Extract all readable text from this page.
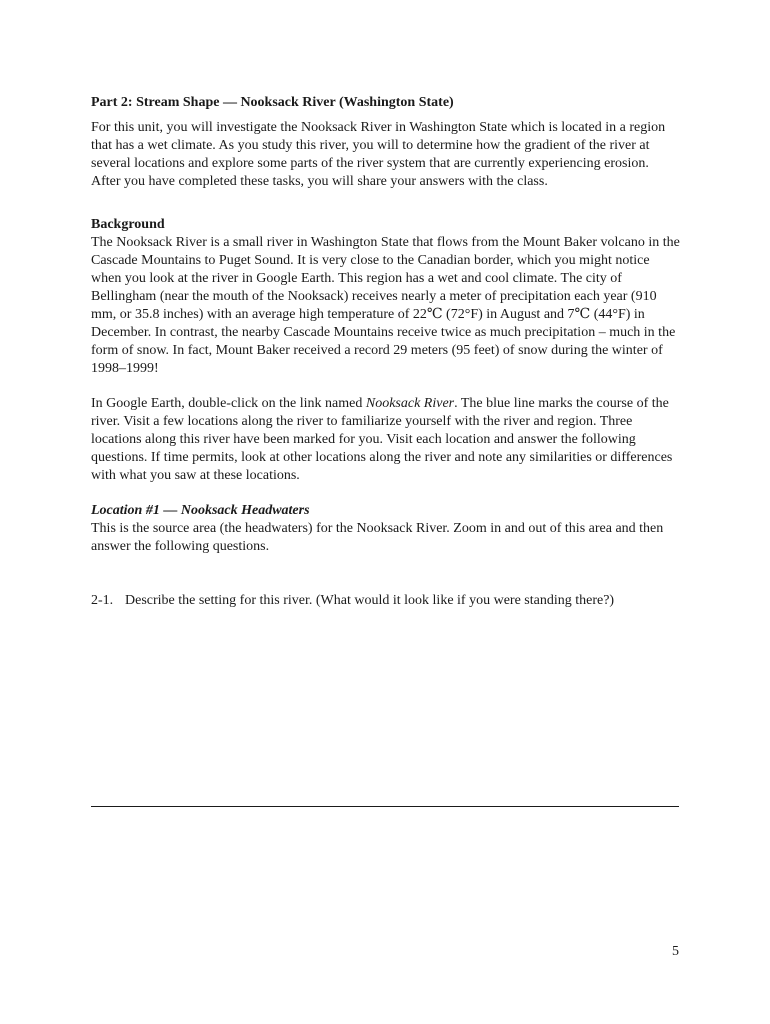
Part 2: Stream Shape — Nooksack River (Washington State)

For this unit, you will investigate the Nooksack River in Washington State which is located in a region that has a wet climate. As you study this river, you will to determine how the gradient of the river at several locations and explore some parts of the river system that are currently experiencing erosion. After you have completed these tasks, you will share your answers with the class.

Background

The Nooksack River is a small river in Washington State that flows from the Mount Baker volcano in the Cascade Mountains to Puget Sound. It is very close to the Canadian border, which you might notice when you look at the river in Google Earth. This region has a wet and cool climate. The city of Bellingham (near the mouth of the Nooksack) receives nearly a meter of precipitation each year (910 mm, or 35.8 inches) with an average high temperature of 22℃ (72°F) in August and 7℃ (44°F) in December. In contrast, the nearby Cascade Mountains receive twice as much precipitation – much in the form of snow. In fact, Mount Baker received a record 29 meters (95 feet) of snow during the winter of 1998–1999!

In Google Earth, double-click on the link named Nooksack River. The blue line marks the course of the river. Visit a few locations along the river to familiarize yourself with the river and region. Three locations along this river have been marked for you. Visit each location and answer the following questions. If time permits, look at other locations along the river and note any similarities or differences with what you saw at these locations.

Location #1 — Nooksack Headwaters

This is the source area (the headwaters) for the Nooksack River. Zoom in and out of this area and then answer the following questions.

2-1. Describe the setting for this river. (What would it look like if you were standing there?)
5
